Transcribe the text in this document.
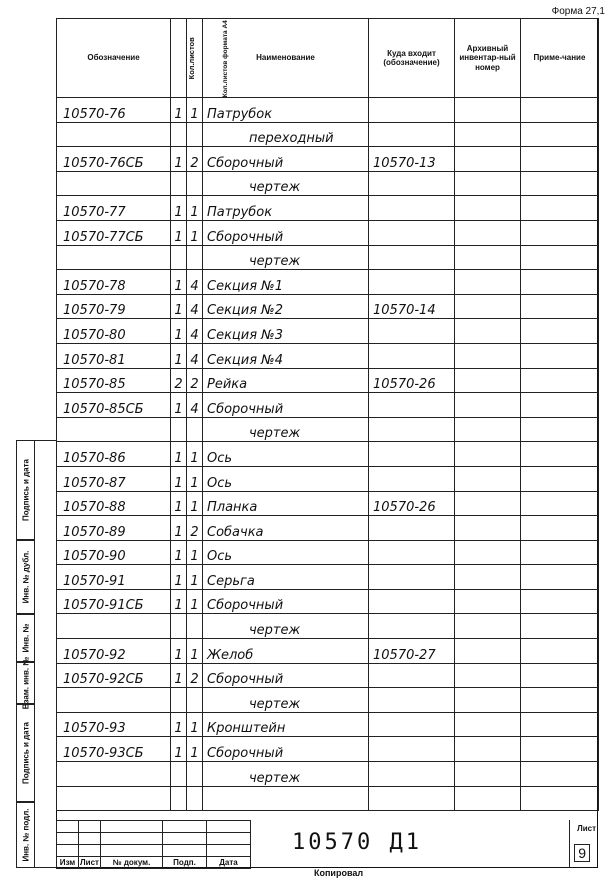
Форма 27,1
Обозначение	Кол.листов	Кол.листов формата А4	Наименование	Куда входит (обозначение)	Архивный инвентар-ный номер	Приме-чание
10570-76	1	1	Патрубок			
			переходный			
10570-76СБ	1	2	Сборочный	10570-13		
			чертеж			
10570-77	1	1	Патрубок			
10570-77СБ	1	1	Сборочный			
			чертеж			
10570-78	1	4	Секция №1			
10570-79	1	4	Секция №2	10570-14		
10570-80	1	4	Секция №3			
10570-81	1	4	Секция №4			
10570-85	2	2	Рейка	10570-26		
10570-85СБ	1	4	Сборочный			
			чертеж			
10570-86	1	1	Ось			
10570-87	1	1	Ось			
10570-88	1	1	Планка	10570-26		
10570-89	1	2	Собачка			
10570-90	1	1	Ось			
10570-91	1	1	Серьга			
10570-91СБ	1	1	Сборочный			
			чертеж			
10570-92	1	1	Желоб	10570-27		
10570-92СБ	1	2	Сборочный			
			чертеж			
10570-93	1	1	Кронштейн			
10570-93СБ	1	1	Сборочный			
			чертеж			

Подпись и дата
Инв. № дубл.
Инв. №
Взам. инв. №
Подпись и дата
Инв. № подл.

Изм	Лист	№ докум.	Подп.	Дата
10570 Д1
Лист
9
Копировал
